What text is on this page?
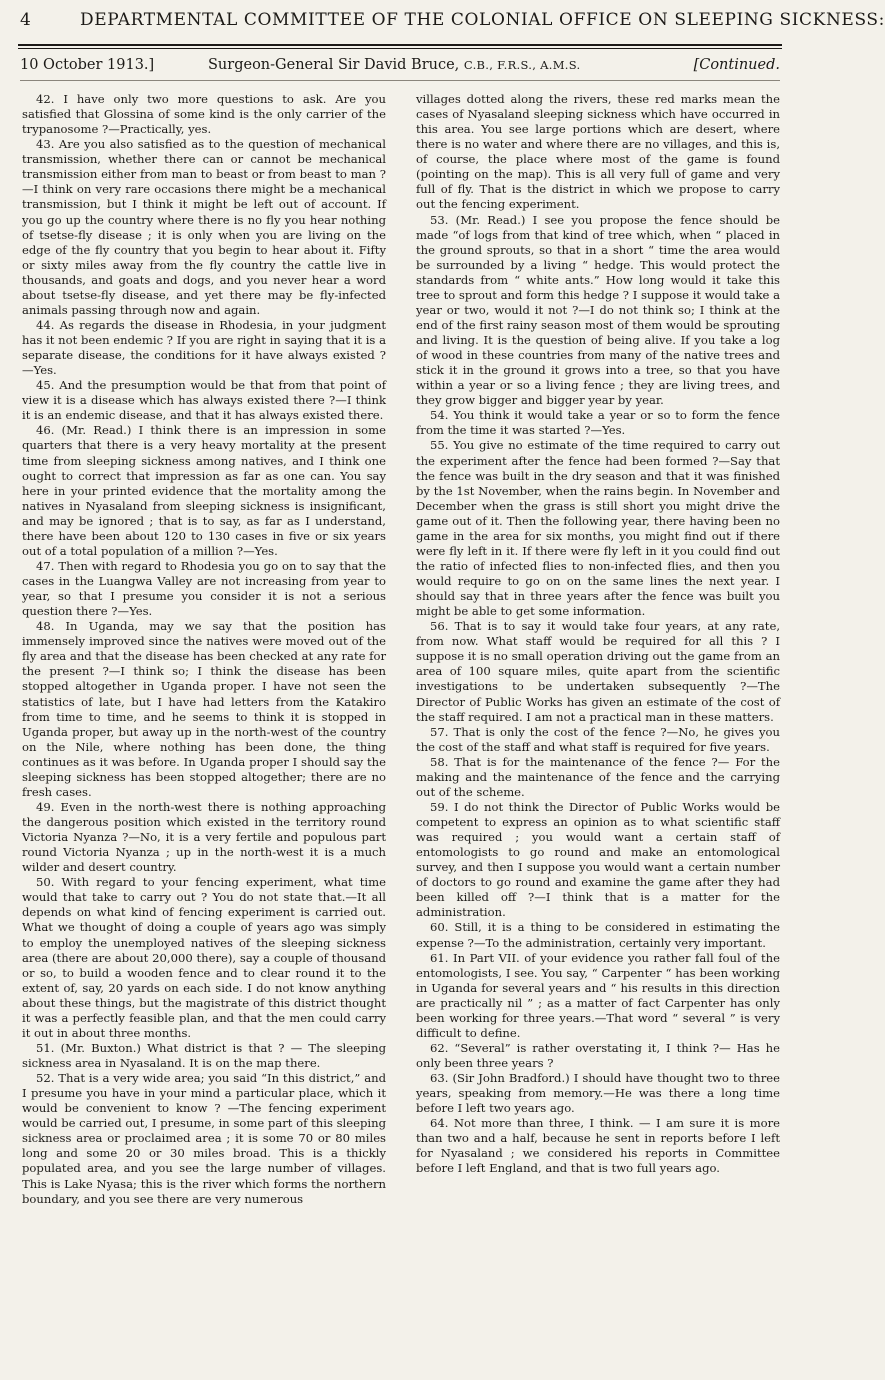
4	DEPARTMENTAL COMMITTEE OF THE COLONIAL OFFICE ON SLEEPING SICKNESS:
10 October 1913.]	Surgeon-General Sir David Bruce, C.B., F.R.S., A.M.S.	[Continued.

42. I have only two more questions to ask. Are you satisfied that Glossina of some kind is the only carrier of the trypanosome ?—Practically, yes.

43. Are you also satisfied as to the question of mechanical transmission, whether there can or cannot be mechanical transmission either from man to beast or from beast to man ?—I think on very rare occasions there might be a mechanical transmission, but I think it might be left out of account. If you go up the country where there is no fly you hear nothing of tsetse-fly disease ; it is only when you are living on the edge of the fly country that you begin to hear about it. Fifty or sixty miles away from the fly country the cattle live in thousands, and goats and dogs, and you never hear a word about tsetse-fly disease, and yet there may be fly-infected animals passing through now and again.

44. As regards the disease in Rhodesia, in your judgment has it not been endemic ? If you are right in saying that it is a separate disease, the conditions for it have always existed ?—Yes.

45. And the presumption would be that from that point of view it is a disease which has always existed there ?—I think it is an endemic disease, and that it has always existed there.

46. (Mr. Read.) I think there is an impression in some quarters that there is a very heavy mortality at the present time from sleeping sickness among natives, and I think one ought to correct that impression as far as one can. You say here in your printed evidence that the mortality among the natives in Nyasaland from sleeping sickness is insignificant, and may be ignored ; that is to say, as far as I understand, there have been about 120 to 130 cases in five or six years out of a total population of a million ?—Yes.

47. Then with regard to Rhodesia you go on to say that the cases in the Luangwa Valley are not increasing from year to year, so that I presume you consider it is not a serious question there ?—Yes.

48. In Uganda, may we say that the position has immensely improved since the natives were moved out of the fly area and that the disease has been checked at any rate for the present ?—I think so; I think the disease has been stopped altogether in Uganda proper. I have not seen the statistics of late, but I have had letters from the Katakiro from time to time, and he seems to think it is stopped in Uganda proper, but away up in the north-west of the country on the Nile, where nothing has been done, the thing continues as it was before. In Uganda proper I should say the sleeping sickness has been stopped altogether; there are no fresh cases.

49. Even in the north-west there is nothing approaching the dangerous position which existed in the territory round Victoria Nyanza ?—No, it is a very fertile and populous part round Victoria Nyanza ; up in the north-west it is a much wilder and desert country.

50. With regard to your fencing experiment, what time would that take to carry out ? You do not state that.—It all depends on what kind of fencing experiment is carried out. What we thought of doing a couple of years ago was simply to employ the unemployed natives of the sleeping sickness area (there are about 20,000 there), say a couple of thousand or so, to build a wooden fence and to clear round it to the extent of, say, 20 yards on each side. I do not know anything about these things, but the magistrate of this district thought it was a perfectly feasible plan, and that the men could carry it out in about three months.

51. (Mr. Buxton.) What district is that ? — The sleeping sickness area in Nyasaland. It is on the map there.

52. That is a very wide area; you said “In this district,” and I presume you have in your mind a particular place, which it would be convenient to know ? —The fencing experiment would be carried out, I presume, in some part of this sleeping sickness area or proclaimed area ; it is some 70 or 80 miles long and some 20 or 30 miles broad. This is a thickly populated area, and you see the large number of villages. This is Lake Nyasa; this is the river which forms the northern boundary, and you see there are very numerous

villages dotted along the rivers, these red marks mean the cases of Nyasaland sleeping sickness which have occurred in this area. You see large portions which are desert, where there is no water and where there are no villages, and this is, of course, the place where most of the game is found (pointing on the map). This is all very full of game and very full of fly. That is the district in which we propose to carry out the fencing experiment.

53. (Mr. Read.) I see you propose the fence should be made “of logs from that kind of tree which, when “ placed in the ground sprouts, so that in a short “ time the area would be surrounded by a living “ hedge. This would protect the standards from “ white ants.” How long would it take this tree to sprout and form this hedge ? I suppose it would take a year or two, would it not ?—I do not think so; I think at the end of the first rainy season most of them would be sprouting and living. It is the question of being alive. If you take a log of wood in these countries from many of the native trees and stick it in the ground it grows into a tree, so that you have within a year or so a living fence ; they are living trees, and they grow bigger and bigger year by year.

54. You think it would take a year or so to form the fence from the time it was started ?—Yes.

55. You give no estimate of the time required to carry out the experiment after the fence had been formed ?—Say that the fence was built in the dry season and that it was finished by the 1st November, when the rains begin. In November and December when the grass is still short you might drive the game out of it. Then the following year, there having been no game in the area for six months, you might find out if there were fly left in it. If there were fly left in it you could find out the ratio of infected flies to non-infected flies, and then you would require to go on on the same lines the next year. I should say that in three years after the fence was built you might be able to get some information.

56. That is to say it would take four years, at any rate, from now. What staff would be required for all this ? I suppose it is no small operation driving out the game from an area of 100 square miles, quite apart from the scientific investigations to be undertaken subsequently ?—The Director of Public Works has given an estimate of the cost of the staff required. I am not a practical man in these matters.

57. That is only the cost of the fence ?—No, he gives you the cost of the staff and what staff is required for five years.

58. That is for the maintenance of the fence ?— For the making and the maintenance of the fence and the carrying out of the scheme.

59. I do not think the Director of Public Works would be competent to express an opinion as to what scientific staff was required ; you would want a certain staff of entomologists to go round and make an entomological survey, and then I suppose you would want a certain number of doctors to go round and examine the game after they had been killed off ?—I think that is a matter for the administration.

60. Still, it is a thing to be considered in estimating the expense ?—To the administration, certainly very important.

61. In Part VII. of your evidence you rather fall foul of the entomologists, I see. You say, “ Carpenter “ has been working in Uganda for several years and “ his results in this direction are practically nil ” ; as a matter of fact Carpenter has only been working for three years.—That word “ several ” is very difficult to define.

62. “Several” is rather overstating it, I think ?— Has he only been three years ?

63. (Sir John Bradford.) I should have thought two to three years, speaking from memory.—He was there a long time before I left two years ago.

64. Not more than three, I think. — I am sure it is more than two and a half, because he sent in reports before I left for Nyasaland ; we considered his reports in Committee before I left England, and that is two full years ago.
